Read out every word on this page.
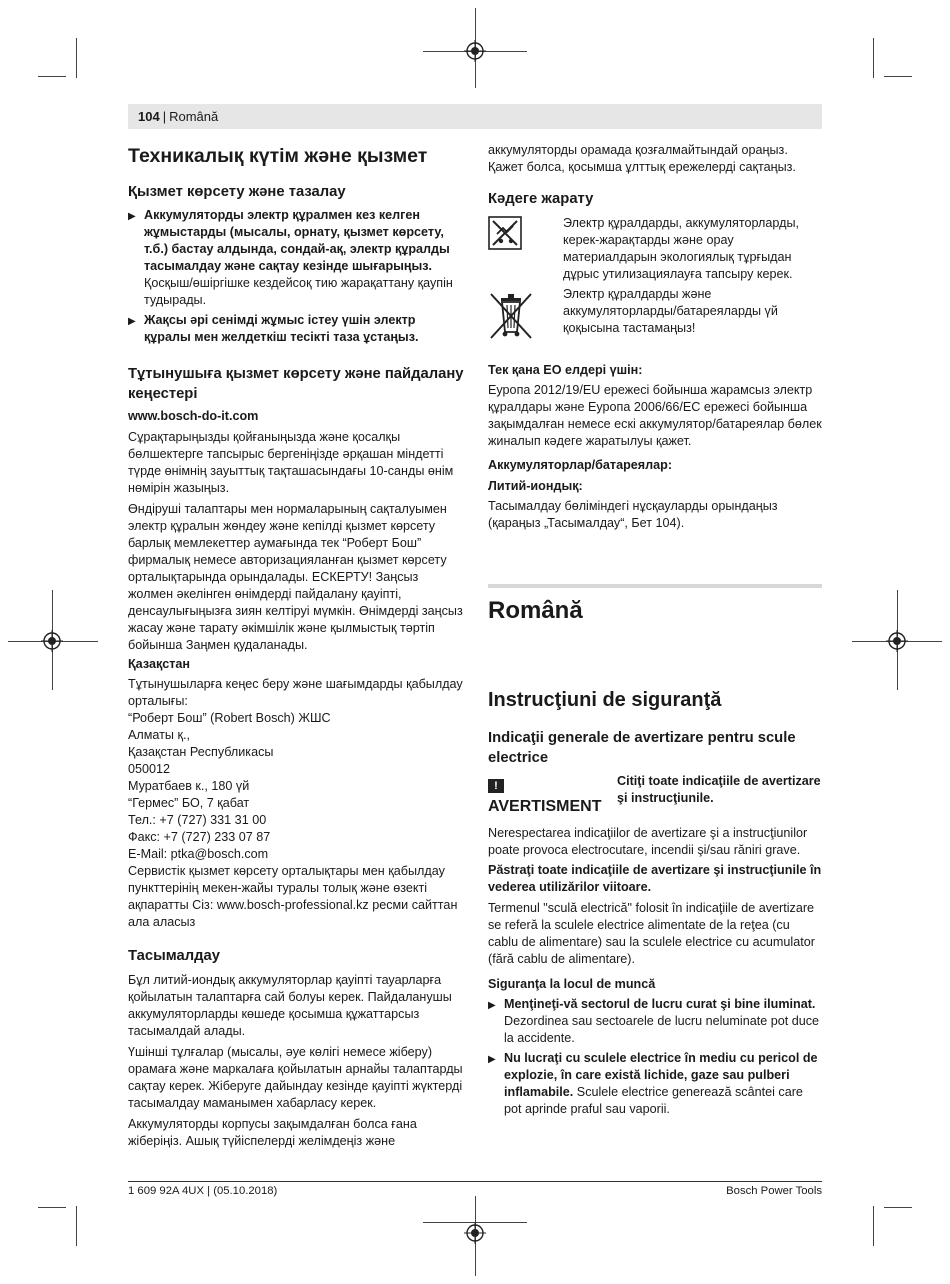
104 | Română
Техникалық күтім және қызмет
Қызмет көрсету және тазалау
▶ Аккумуляторды электр құралмен кез келген жұмыстарды (мысалы, орнату, қызмет көрсету, т.б.) бастау алдында, сондай-ақ, электр құралды тасымалдау және сақтау кезінде шығарыңыз.

Қосқыш/өшіргішке кездейсоқ тию жарақаттану қаупін тудырады.

▶ Жақсы әрі сенімді жұмыс істеу үшін электр құралы мен желдеткіш тесікті таза ұстаңыз.

Тұтынушыға қызмет көрсету және пайдалану кеңестері
www.bosch-do-it.com

Сұрақтарыңызды қойғаныңызда және қосалқы бөлшектерге тапсырыс бергеніңізде әрқашан міндетті түрде өнімнің зауыттық тақташасындағы 10-санды өнім нөмірін жазыңыз.

Өндіруші талаптары мен нормаларының сақталуымен электр құралын жөндеу және кепілді қызмет көрсету барлық мемлекеттер аумағында тек “Роберт Бош” фирмалық немесе авторизацияланған қызмет көрсету орталықтарында орындалады. ЕСКЕРТУ! Заңсыз жолмен әкелінген өнімдерді пайдалану қауіпті, денсаулығыңызға зиян келтіруі мүмкін. Өнімдерді заңсыз жасау және тарату әкімшілік және қылмыстық тәртіп бойынша Заңмен қудаланады.

Қазақстан

Тұтынушыларға кеңес беру және шағымдарды қабылдау

орталығы:

“Роберт Бош” (Robert Bosch) ЖШС

Алматы қ.,

Қазақстан Республикасы

050012

Муратбаев к., 180 үй

“Гермес” БО, 7 қабат

Тел.: +7 (727) 331 31 00

Факс: +7 (727) 233 07 87

E-Mail: ptka@bosch.com

Сервистік қызмет көрсету орталықтары мен қабылдау пункттерінің мекен-жайы туралы толық және өзекті ақпаратты Сіз: www.bosch-professional.kz ресми сайттан ала аласыз

Тасымалдау

Бұл литий-иондық аккумуляторлар қауіпті тауарларға қойылатын талаптарға сай болуы керек. Пайдаланушы аккумуляторларды көшеде қосымша құжаттарсыз тасымалдай алады.

Үшінші тұлғалар (мысалы, әуе көлігі немесе жіберу) орамаға және маркалағa қойылатын арнайы талаптарды сақтау керек. Жіберуге дайындау кезінде қауіпті жүктерді тасымалдау маманымен хабарласу керек.

Аккумуляторды корпусы зақымдалған болса ғана жіберіңіз. Ашық түйіспелерді желімдеңіз және

аккумуляторды орамада қозғалмайтындай ораңыз. Қажет болса, қосымша ұлттық ережелерді сақтаңыз.

Кәдеге жарату

Электр құралдарды, аккумуляторларды, керек-жарақтарды және орау материалдарын экологиялық тұрғыдан дұрыс утилизациялауға тапсыру керек.

Электр құралдарды және аккумуляторларды/батареяларды үй қоқысына тастамаңыз!

Тек қана ЕО елдері үшін:

Еуропа 2012/19/EU ережесі бойынша жарамсыз электр құралдары және Еуропа 2006/66/EC ережесі бойынша зақымдалған немесе ескі аккумулятор/батареялар бөлек жиналып кәдеге жаратылуы қажет.

Аккумуляторлар/батареялар:
Литий-иондық:

Тасымалдау бөліміндегі нұсқауларды орындаңыз (қараңыз „Тасымалдау“, Бет 104).

Română
Instrucţiuni de siguranţă
Indicaţii generale de avertizare pentru scule electrice
!
AVERTISMENT
Citiţi toate indicaţiile de avertizare şi instrucţiunile.

Nerespectarea indicaţiilor de avertizare şi a instrucţiunilor poate provoca electrocutare, incendii şi/sau răniri grave.

Păstraţi toate indicaţiile de avertizare şi instrucţiunile în vederea utilizărilor viitoare.

Termenul "sculă electrică" folosit în indicaţiile de avertizare se referă la sculele electrice alimentate de la reţea (cu cablu de alimentare) sau la sculele electrice cu acumulator (fără cablu de alimentare).

Siguranţa la locul de muncă
▶ Menţineţi-vă sectorul de lucru curat şi bine iluminat.

Dezordinea sau sectoarele de lucru neluminate pot duce la accidente.

▶ Nu lucraţi cu sculele electrice în mediu cu pericol de explozie, în care există lichide, gaze sau pulberi inflamabile. Sculele electrice generează scântei care pot aprinde praful sau vaporii.

1 609 92A 4UX | (05.10.2018)	Bosch Power Tools
